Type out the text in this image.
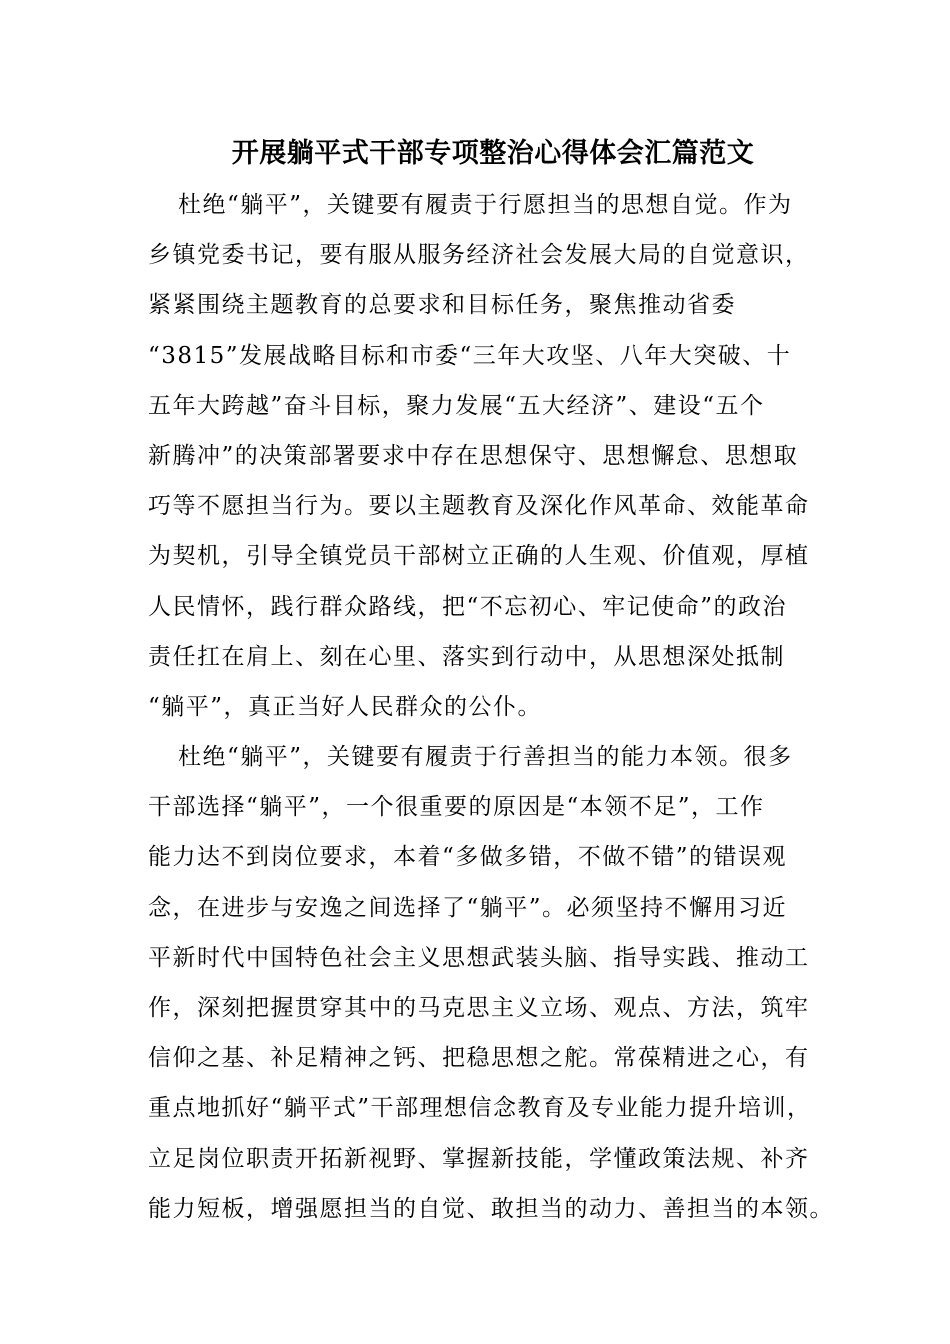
开展躺平式干部专项整治心得体会汇篇范文

杜绝“躺平”，关键要有履责于行愿担当的思想自觉。作为
乡镇党委书记，要有服从服务经济社会发展大局的自觉意识，
紧紧围绕主题教育的总要求和目标任务，聚焦推动省委
“3815”发展战略目标和市委“三年大攻坚、八年大突破、十
五年大跨越”奋斗目标，聚力发展“五大经济”、建设“五个
新腾冲”的决策部署要求中存在思想保守、思想懈怠、思想取
巧等不愿担当行为。要以主题教育及深化作风革命、效能革命
为契机，引导全镇党员干部树立正确的人生观、价值观，厚植
人民情怀，践行群众路线，把“不忘初心、牢记使命”的政治
责任扛在肩上、刻在心里、落实到行动中，从思想深处抵制
“躺平”，真正当好人民群众的公仆。

杜绝“躺平”，关键要有履责于行善担当的能力本领。很多
干部选择“躺平”，一个很重要的原因是“本领不足”，工作
能力达不到岗位要求，本着“多做多错，不做不错”的错误观
念，在进步与安逸之间选择了“躺平”。必须坚持不懈用习近
平新时代中国特色社会主义思想武装头脑、指导实践、推动工
作，深刻把握贯穿其中的马克思主义立场、观点、方法，筑牢
信仰之基、补足精神之钙、把稳思想之舵。常葆精进之心，有
重点地抓好“躺平式”干部理想信念教育及专业能力提升培训，
立足岗位职责开拓新视野、掌握新技能，学懂政策法规、补齐
能力短板，增强愿担当的自觉、敢担当的动力、善担当的本领。
